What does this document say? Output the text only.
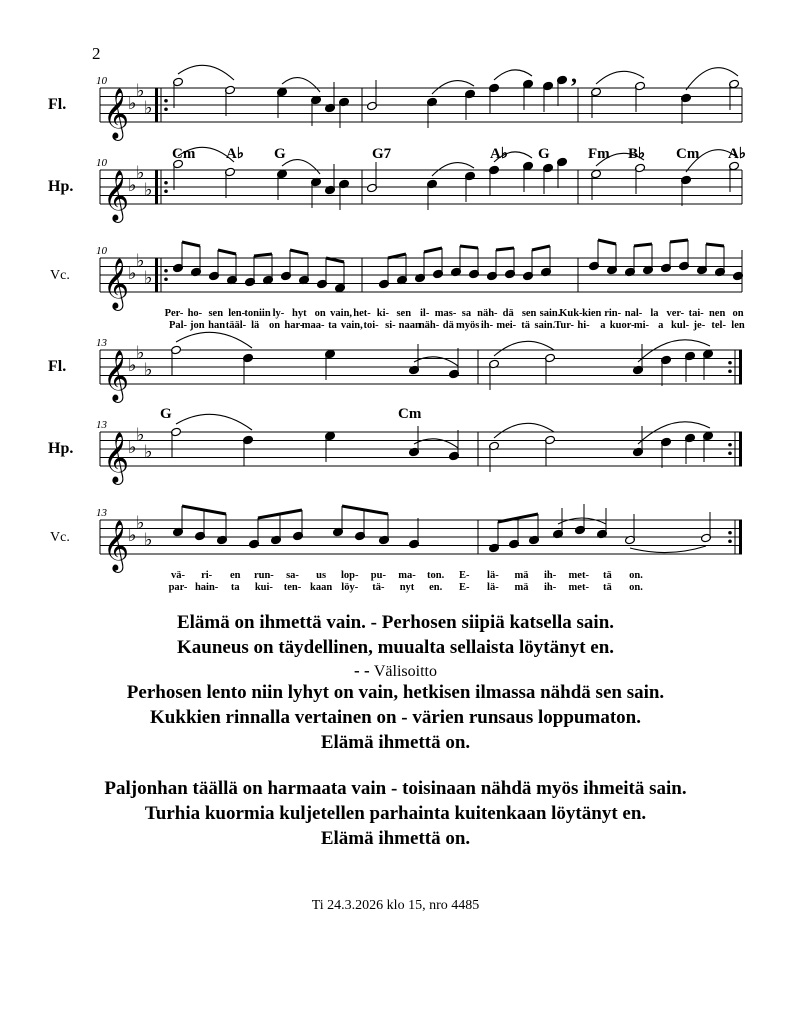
2
𝄞
♭
♭
♭
Fl.
10
𝄞
♭
♭
♭
Hp.
10
𝄞
♭
♭
♭
Vc.
10
𝄞
♭
♭
♭
Fl.
13
𝄞
♭
♭
♭
Hp.
13
𝄞
♭
♭
♭
Vc.
13
Cm A♭ G	G7	A♭ G	Fm B♭ Cm A♭
G	Cm
Per- ho- sen len- toniin ly- hyt on vain, het- ki- sen il- mas- sa näh- dä sen sain.
Kuk- kien rin- nal- la ver- tai- nen on
Pal- jon han tääl- lä on har-
maa- ta vain, toi- si- naan
näh- dä myös ih- mei- tä sain. Tur- hi- a kuor- mi- a kul- je- tel- len
vä- ri- en run- sa- us lop- pu- ma- ton. E- lä- mä ih- met- tä on.
par- hain- ta kui- ten- kaan löy- tä- nyt en. E- lä- mä ih- met- tä on.
,
Elämä on ihmettä vain. - Perhosen siipiä katsella sain.
Kauneus on täydellinen, muualta sellaista löytänyt en.
- - Välisoitto
Perhosen lento niin lyhyt on vain, hetkisen ilmassa nähdä sen sain.
Kukkien rinnalla vertainen on - värien runsaus loppumaton.
Elämä ihmettä on.
Paljonhan täällä on harmaata vain - toisinaan nähdä myös ihmeitä sain.
Turhia kuormia kuljetellen parhainta kuitenkaan löytänyt en.
Elämä ihmettä on.
Ti 24.3.2026 klo 15, nro 4485
